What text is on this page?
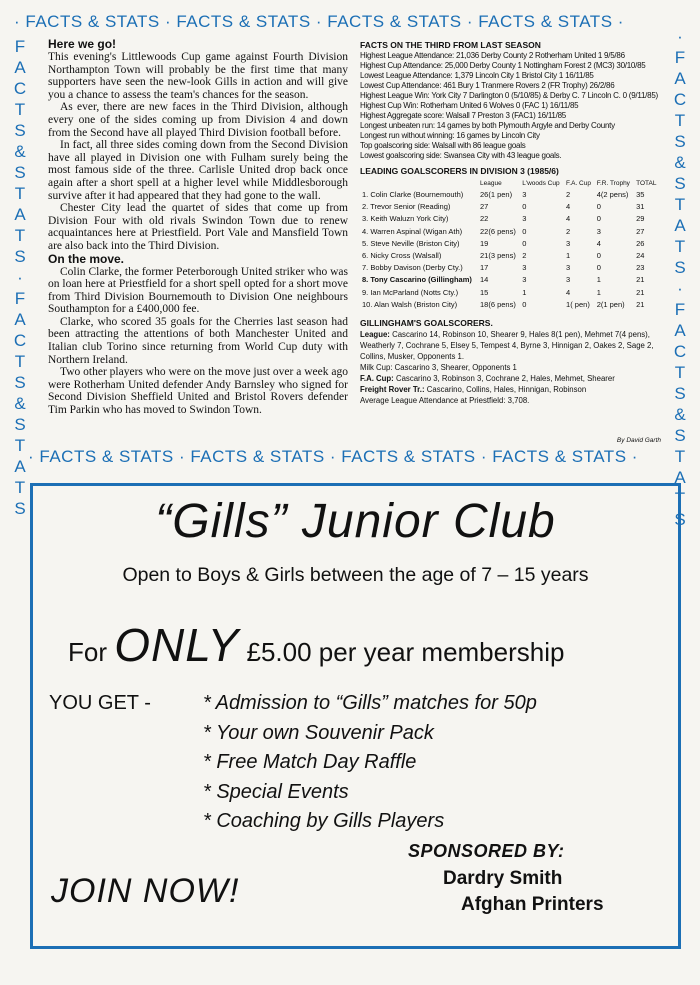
· FACTS & STATS · FACTS & STATS · FACTS & STATS · FACTS & STATS ·
· FACTS & STATS · FACTS & STATS · FACTS & STATS · FACTS & STATS ·
F
A
C
T
S
&
S
T
A
T
S
·
F
A
C
T
S
&
S
T
A
T
S
·
F
A
C
T
S
&
S
T
A
T
S
·
F
A
C
T
S
&
S
T
A
T
S
Here we go!

This evening's Littlewoods Cup game against Fourth Division Northampton Town will probably be the first time that many supporters have seen the new-look Gills in action and will give you a chance to assess the team's chances for the season.

As ever, there are new faces in the Third Division, although every one of the sides coming up from Division 4 and down from the Second have all played Third Division football before.

In fact, all three sides coming down from the Second Division have all played in Division one with Fulham surely being the most famous side of the three. Carlisle United drop back once again after a short spell at a higher level while Middlesborough survive after it had appeared that they had gone to the wall.

Chester City lead the quartet of sides that come up from Division Four with old rivals Swindon Town due to renew acquaintances here at Priestfield. Port Vale and Mansfield Town are also back into the Third Division.

On the move.

Colin Clarke, the former Peterborough United striker who was on loan here at Priestfield for a short spell opted for a short move from Third Division Bournemouth to Division One neighbours Southampton for a £400,000 fee.

Clarke, who scored 35 goals for the Cherries last season had been attracting the attentions of both Manchester United and Italian club Torino since returning from World Cup duty with Northern Ireland.

Two other players who were on the move just over a week ago were Rotherham United defender Andy Barnsley who signed for Second Division Sheffield United and Bristol Rovers defender Tim Parkin who has moved to Swindon Town.

FACTS ON THE THIRD FROM LAST SEASON
Highest League Attendance: 21,036 Derby County 2 Rotherham United 1 9/5/86
Highest Cup Attendance: 25,000 Derby County 1 Nottingham Forest 2 (MC3) 30/10/85
Lowest League Attendance: 1,379 Lincoln City 1 Bristol City 1 16/11/85
Lowest Cup Attendance: 461 Bury 1 Tranmere Rovers 2 (FR Trophy) 26/2/86
Highest League Win: York City 7 Darlington 0 (5/10/85) & Derby C. 7 Lincoln C. 0 (9/11/85)
Highest Cup Win: Rotherham United 6 Wolves 0 (FAC 1) 16/11/85
Highest Aggregate score: Walsall 7 Preston 3 (FAC1) 16/11/85
Longest unbeaten run: 14 games by both Plymouth Argyle and Derby County
Longest run without winning: 16 games by Lincoln City
Top goalscoring side: Walsall with 86 league goals
Lowest goalscoring side: Swansea City with 43 league goals.
LEADING GOALSCORERS IN DIVISION 3 (1985/6)
	League	L'woods Cup	F.A. Cup	F.R. Trophy	TOTAL
1. Colin Clarke (Bournemouth)	26(1 pen)	3	2	4(2 pens)	35
2. Trevor Senior (Reading)	27	0	4	0	31
3. Keith Waluzn York City)	22	3	4	0	29
4. Warren Aspinal (Wigan Ath)	22(6 pens)	0	2	3	27
5. Steve Neville (Briston City)	19	0	3	4	26
6. Nicky Cross (Walsall)	21(3 pens)	2	1	0	24
7. Bobby Davison (Derby Cty.)	17	3	3	0	23
8. Tony Cascarino (Gillingham)	14	3	3	1	21
9. Ian McParland (Notts Cty.)	15	1	4	1	21
10. Alan Walsh (Briston City)	18(6 pens)	0	1( pen)	2(1 pen)	21
GILLINGHAM'S GOALSCORERS.
League: Cascarino 14, Robinson 10, Shearer 9, Hales 8(1 pen), Mehmet 7(4 pens), Weatherly 7, Cochrane 5, Elsey 5, Tempest 4, Byrne 3, Hinnigan 2, Oakes 2, Sage 2, Collins, Musker, Opponents 1.
Milk Cup: Cascarino 3, Shearer, Opponents 1
F.A. Cup: Cascarino 3, Robinson 3, Cochrane 2, Hales, Mehmet, Shearer
Freight Rover Tr.: Cascarino, Collins, Hales, Hinnigan, Robinson
Average League Attendance at Priestfield: 3,708.
By David Garth
“Gills” Junior Club
Open to Boys & Girls between the age of 7 – 15 years
For ONLY £5.00 per year membership
YOU GET -	* Admission to “Gills” matches for 50p
* Your own Souvenir Pack
* Free Match Day Raffle
* Special Events
* Coaching by Gills Players
SPONSORED BY:
JOIN NOW!	Dardry Smith
Afghan Printers
